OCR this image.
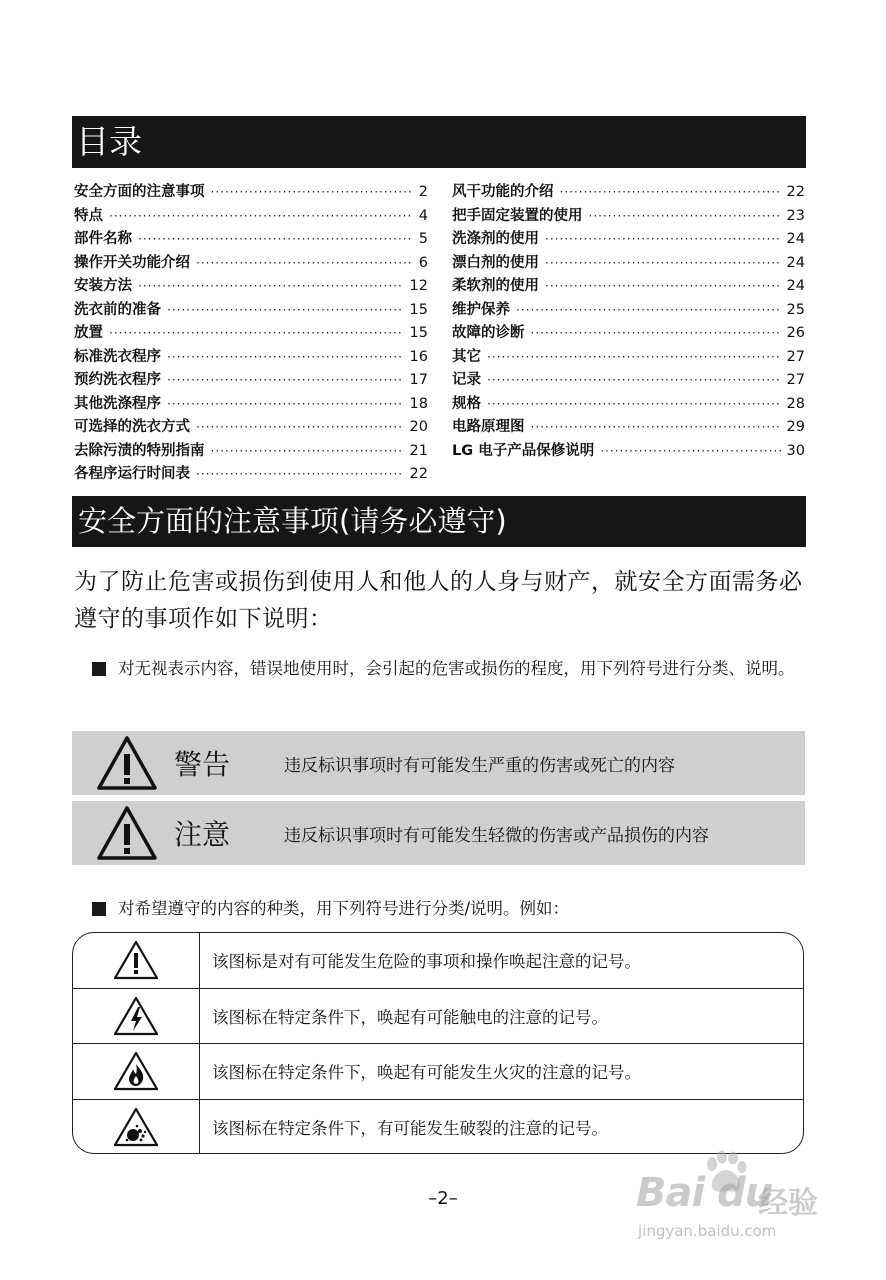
目录
安全方面的注意事项 ·····	2
特点 ·····	4
部件名称 ·····	5
操作开关功能介绍 ·····	6
安装方法 ·····	12
洗衣前的准备 ·····	15
放置 ·····	15
标准洗衣程序 ·····	16
预约洗衣程序 ·····	17
其他洗涤程序 ·····	18
可选择的洗衣方式 ·····	20
去除污渍的特别指南 ·····	21
各程序运行时间表 ·····	22
风干功能的介绍 ·····	22
把手固定装置的使用 ·····	23
洗涤剂的使用 ·····	24
漂白剂的使用 ·····	24
柔软剂的使用 ·····	24
维护保养 ·····	25
故障的诊断 ·····	26
其它 ·····	27
记录 ·····	27
规格 ·····	28
电路原理图 ·····	29
LG 电子产品保修说明 ·····	30
安全方面的注意事项(请务必遵守)
为了防止危害或损伤到使用人和他人的人身与财产，就安全方面需务必遵守的事项作如下说明：
对无视表示内容，错误地使用时，会引起的危害或损伤的程度，用下列符号进行分类、说明。
警告	违反标识事项时有可能发生严重的伤害或死亡的内容
注意	违反标识事项时有可能发生轻微的伤害或产品损伤的内容
对希望遵守的内容的种类，用下列符号进行分类/说明。例如：
该图标是对有可能发生危险的事项和操作唤起注意的记号。
该图标在特定条件下，唤起有可能触电的注意的记号。
该图标在特定条件下，唤起有可能发生火灾的注意的记号。
该图标在特定条件下，有可能发生破裂的注意的记号。
–2–	Bai du
经验
jingyan.baidu.com
